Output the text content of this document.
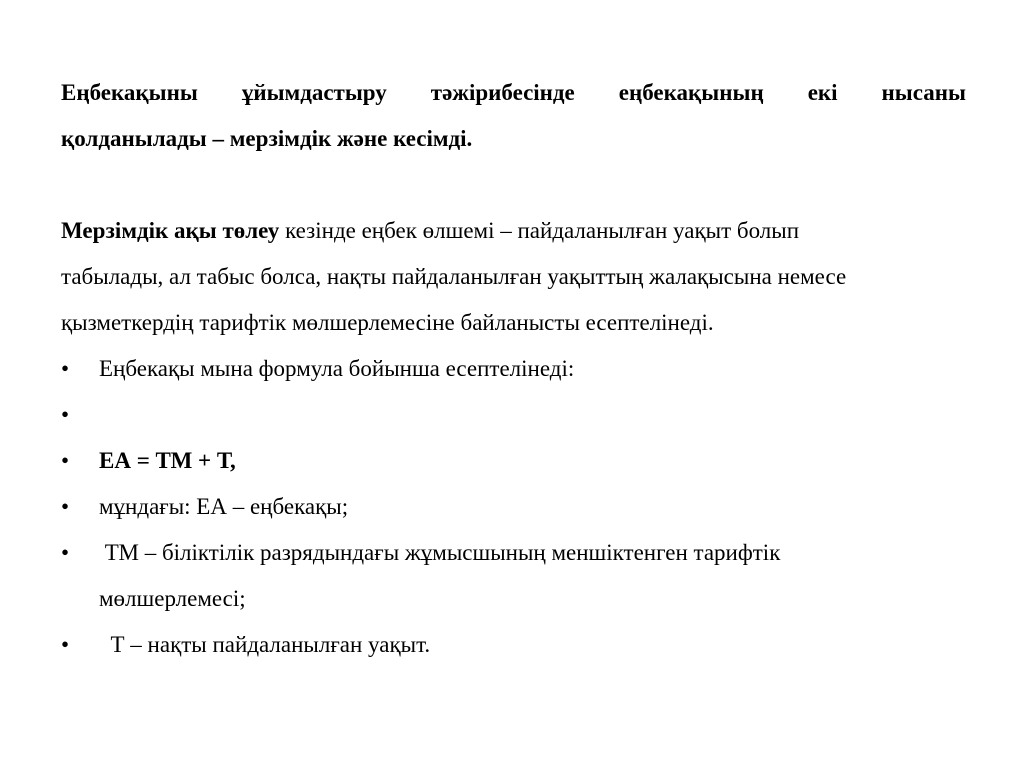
Еңбекақыны ұйымдастыру тәжірибесінде еңбекақының екі нысаны
қолданылады – мерзімдік және кесімді.
Мерзімдік ақы төлеу кезінде еңбек өлшемі – пайдаланылған уақыт болып
табылады, ал табыс болса, нақты пайдаланылған уақыттың жалақысына немесе
қызметкердің тарифтік мөлшерлемесіне байланысты есептелінеді.
• Еңбекақы мына формула бойынша есептелінеді:
•
• ЕА = ТМ + Т,
• мұндағы: ЕА – еңбекақы;
• ТМ – біліктілік разрядындағы жұмысшының меншіктенген тарифтік
мөлшерлемесі;
• Т – нақты пайдаланылған уақыт.
